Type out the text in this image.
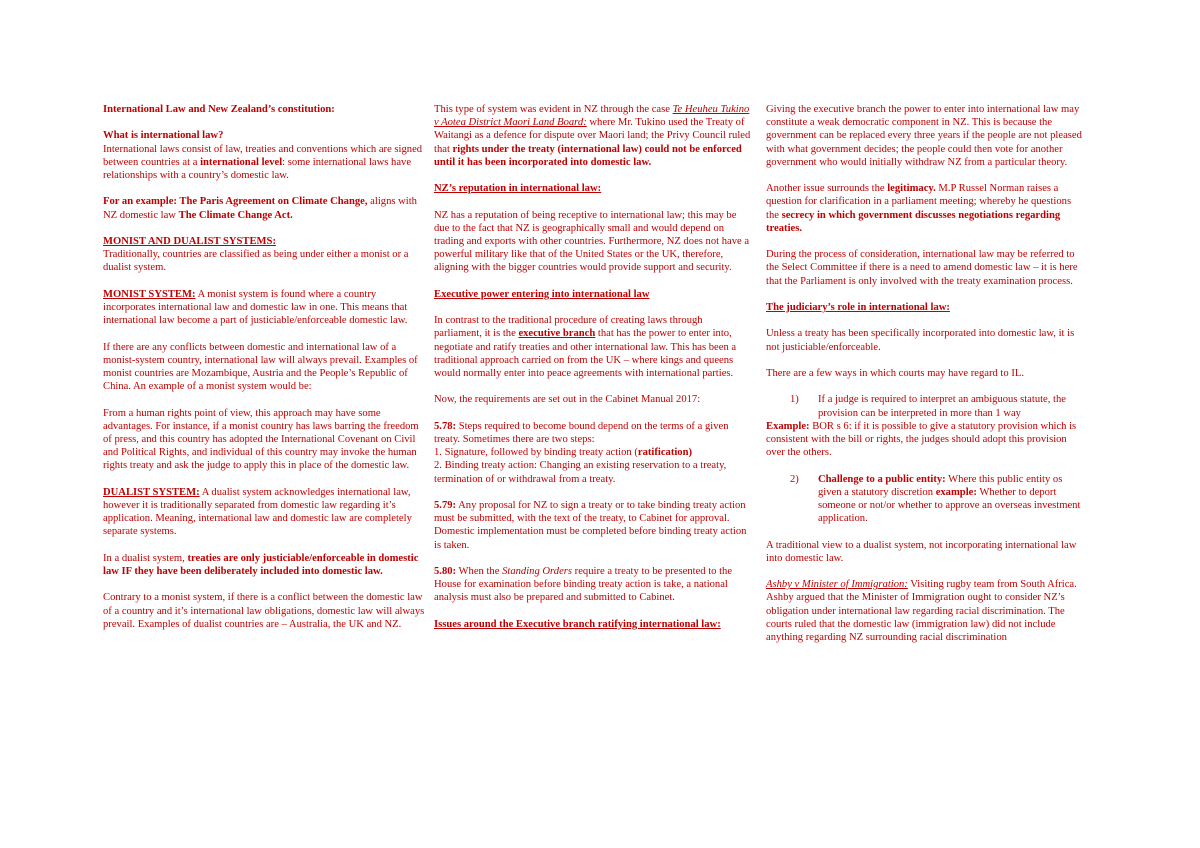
International Law and New Zealand’s constitution:
What is international law?
International laws consist of law, treaties and conventions which are signed between countries at a international level: some international laws have relationships with a country’s domestic law.
For an example: The Paris Agreement on Climate Change, aligns with NZ domestic law The Climate Change Act.
MONIST AND DUALIST SYSTEMS:
Traditionally, countries are classified as being under either a monist or a dualist system.
MONIST SYSTEM: A monist system is found where a country incorporates international law and domestic law in one. This means that international law become a part of justiciable/enforceable domestic law.
If there are any conflicts between domestic and international law of a monist-system country, international law will always prevail. Examples of monist countries are Mozambique, Austria and the People’s Republic of China. An example of a monist system would be:
From a human rights point of view, this approach may have some advantages. For instance, if a monist country has laws barring the freedom of press, and this country has adopted the International Covenant on Civil and Political Rights, and individual of this country may invoke the human rights treaty and ask the judge to apply this in place of the domestic law.
DUALIST SYSTEM: A dualist system acknowledges international law, however it is traditionally separated from domestic law regarding it’s application. Meaning, international law and domestic law are completely separate systems.
In a dualist system, treaties are only justiciable/enforceable in domestic law IF they have been deliberately included into domestic law.
Contrary to a monist system, if there is a conflict between the domestic law of a country and it’s international law obligations, domestic law will always prevail. Examples of dualist countries are – Australia, the UK and NZ.
This type of system was evident in NZ through the case Te Heuheu Tukino v Aotea District Maori Land Board: where Mr. Tukino used the Treaty of Waitangi as a defence for dispute over Maori land; the Privy Council ruled that rights under the treaty (international law) could not be enforced until it has been incorporated into domestic law.
NZ’s reputation in international law:
NZ has a reputation of being receptive to international law; this may be due to the fact that NZ is geographically small and would depend on trading and exports with other countries. Furthermore, NZ does not have a powerful military like that of the United States or the UK, therefore, aligning with the bigger countries would provide support and security.
Executive power entering into international law
In contrast to the traditional procedure of creating laws through parliament, it is the executive branch that has the power to enter into, negotiate and ratify treaties and other international law. This has been a traditional approach carried on from the UK – where kings and queens would normally enter into peace agreements with international parties.
Now, the requirements are set out in the Cabinet Manual 2017:
5.78: Steps required to become bound depend on the terms of a given treaty. Sometimes there are two steps:
1. Signature, followed by binding treaty action (ratification)
2. Binding treaty action: Changing an existing reservation to a treaty, termination of or withdrawal from a treaty.
5.79: Any proposal for NZ to sign a treaty or to take binding treaty action must be submitted, with the text of the treaty, to Cabinet for approval. Domestic implementation must be completed before binding treaty action is taken.
5.80: When the Standing Orders require a treaty to be presented to the House for examination before binding treaty action is take, a national analysis must also be prepared and submitted to Cabinet.
Issues around the Executive branch ratifying international law:
Giving the executive branch the power to enter into international law may constitute a weak democratic component in NZ. This is because the government can be replaced every three years if the people are not pleased with what government decides; the people could then vote for another government who would initially withdraw NZ from a particular theory.
Another issue surrounds the legitimacy. M.P Russel Norman raises a question for clarification in a parliament meeting; whereby he questions the secrecy in which government discusses negotiations regarding treaties.
During the process of consideration, international law may be referred to the Select Committee if there is a need to amend domestic law – it is here that the Parliament is only involved with the treaty examination process.
The judiciary’s role in international law:
Unless a treaty has been specifically incorporated into domestic law, it is not justiciable/enforceable.
There are a few ways in which courts may have regard to IL.
1)	If a judge is required to interpret an ambiguous statute, the provision can be interpreted in more than 1 way
Example: BOR s 6: if it is possible to give a statutory provision which is consistent with the bill or rights, the judges should adopt this provision over the others.
2)	Challenge to a public entity: Where this public entity os given a statutory discretion example: Whether to deport someone or not/or whether to approve an overseas investment application.
A traditional view to a dualist system, not incorporating international law into domestic law.
Ashby v Minister of Immigration: Visiting rugby team from South Africa. Ashby argued that the Minister of Immigration ought to consider NZ’s obligation under international law regarding racial discrimination. The courts ruled that the domestic law (immigration law) did not include anything regarding NZ surrounding racial discrimination
